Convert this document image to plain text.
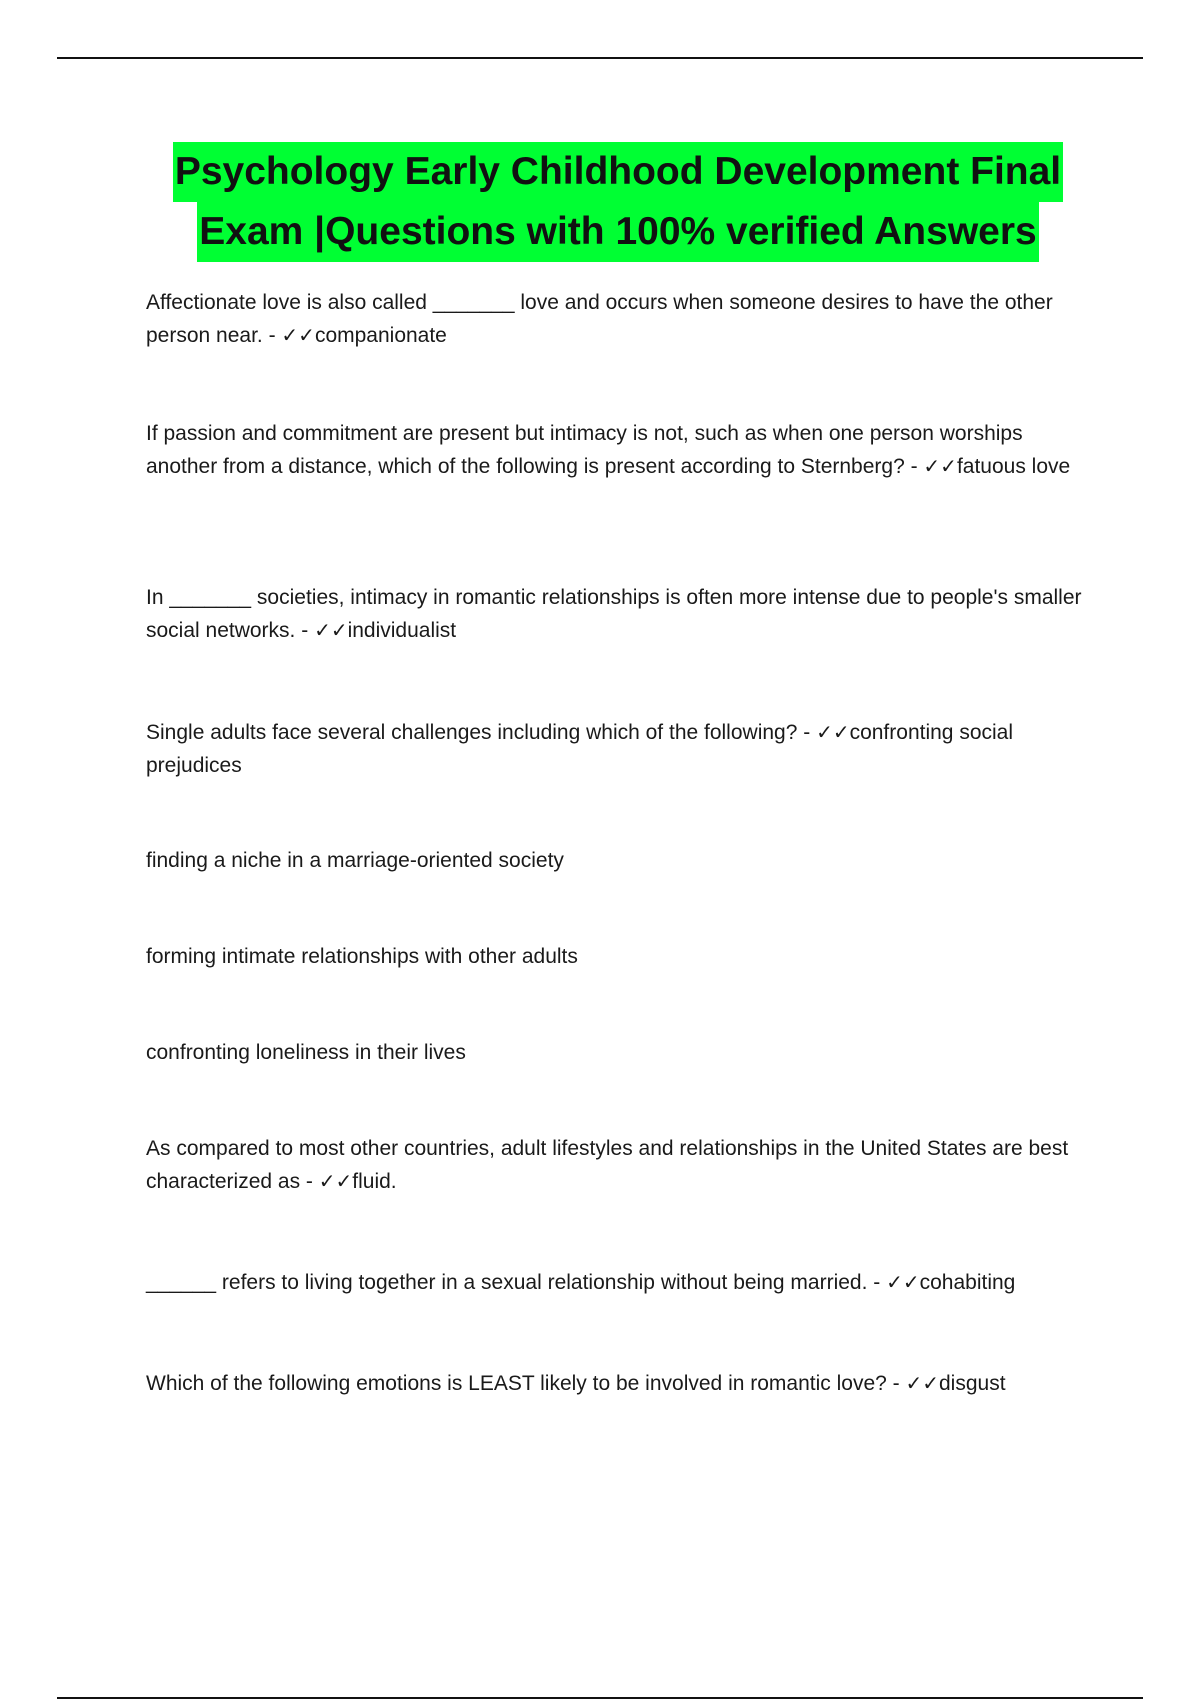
Psychology Early Childhood Development Final
Exam |Questions with 100% verified Answers
Affectionate love is also called _______ love and occurs when someone desires to have the other person near. - ✓✓companionate
If passion and commitment are present but intimacy is not, such as when one person worships another from a distance, which of the following is present according to Sternberg? - ✓✓fatuous love
In _______ societies, intimacy in romantic relationships is often more intense due to people's smaller social networks. - ✓✓individualist
Single adults face several challenges including which of the following? - ✓✓confronting social prejudices
finding a niche in a marriage-oriented society
forming intimate relationships with other adults
confronting loneliness in their lives
As compared to most other countries, adult lifestyles and relationships in the United States are best characterized as - ✓✓fluid.
______ refers to living together in a sexual relationship without being married. - ✓✓cohabiting
Which of the following emotions is LEAST likely to be involved in romantic love? - ✓✓disgust
